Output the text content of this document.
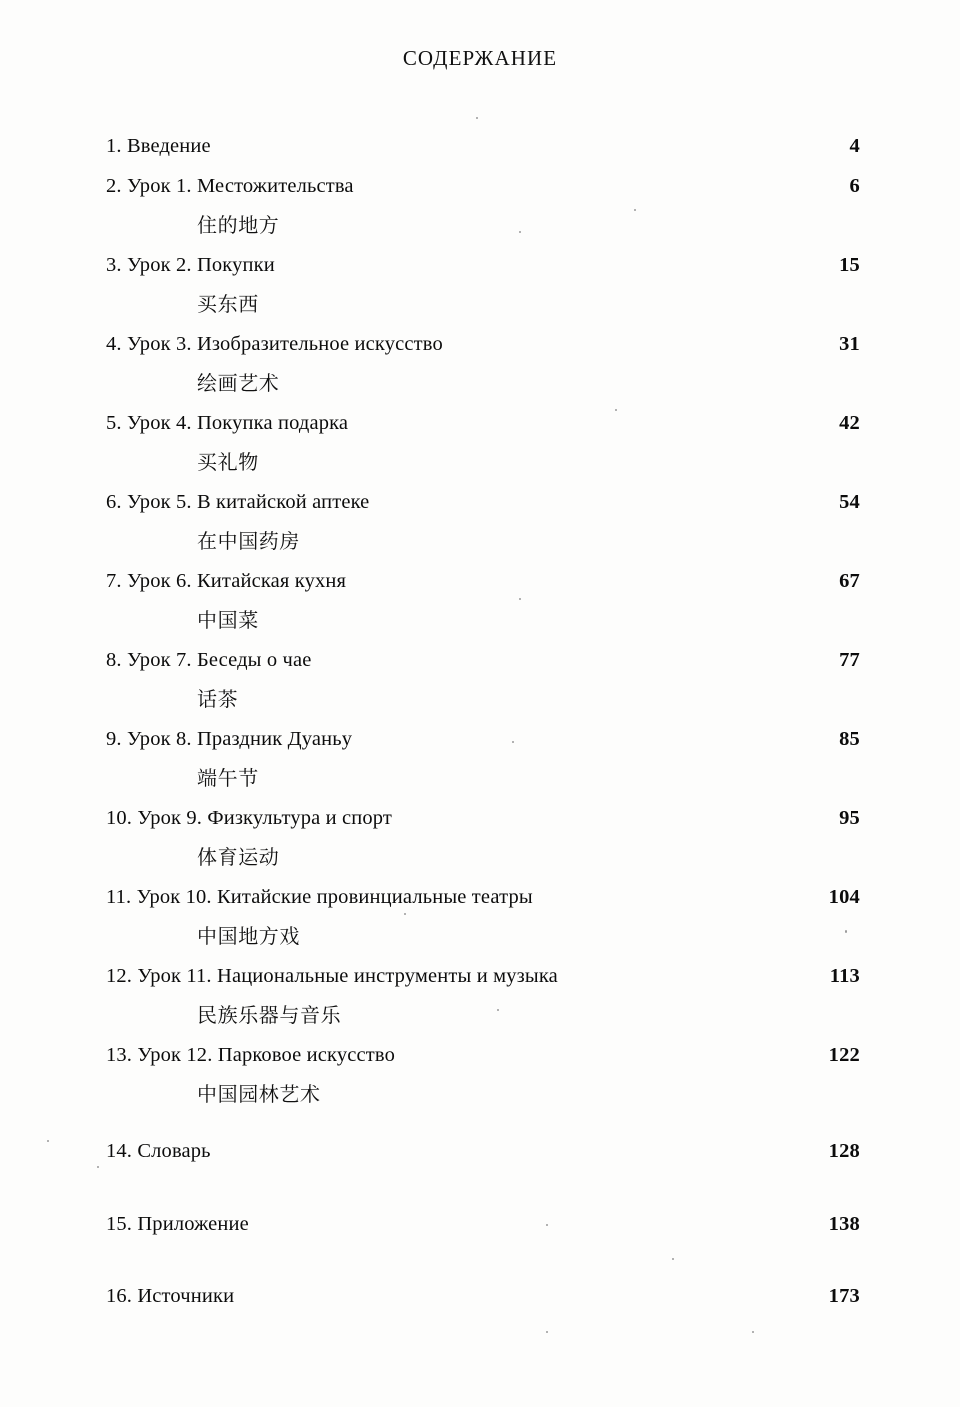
СОДЕРЖАНИЕ
1. Введение	4
2. Урок 1. Местожительства	6
住的地方
3. Урок 2. Покупки	15
买东西
4. Урок 3. Изобразительное искусство	31
绘画艺术
5. Урок 4. Покупка подарка	42
买礼物
6. Урок 5. В китайской аптеке	54
在中国药房
7. Урок 6. Китайская кухня	67
中国菜
8. Урок 7. Беседы о чае	77
话茶
9. Урок 8. Праздник Дуаньу	85
端午节
10. Урок 9. Физкультура и спорт	95
体育运动
11. Урок 10. Китайские провинциальные театры	104
中国地方戏
12. Урок 11. Национальные инструменты и музыка	113
民族乐器与音乐
13. Урок 12. Парковое искусство	122
中国园林艺术
14. Словарь	128
15. Приложение	138
16. Источники	173
